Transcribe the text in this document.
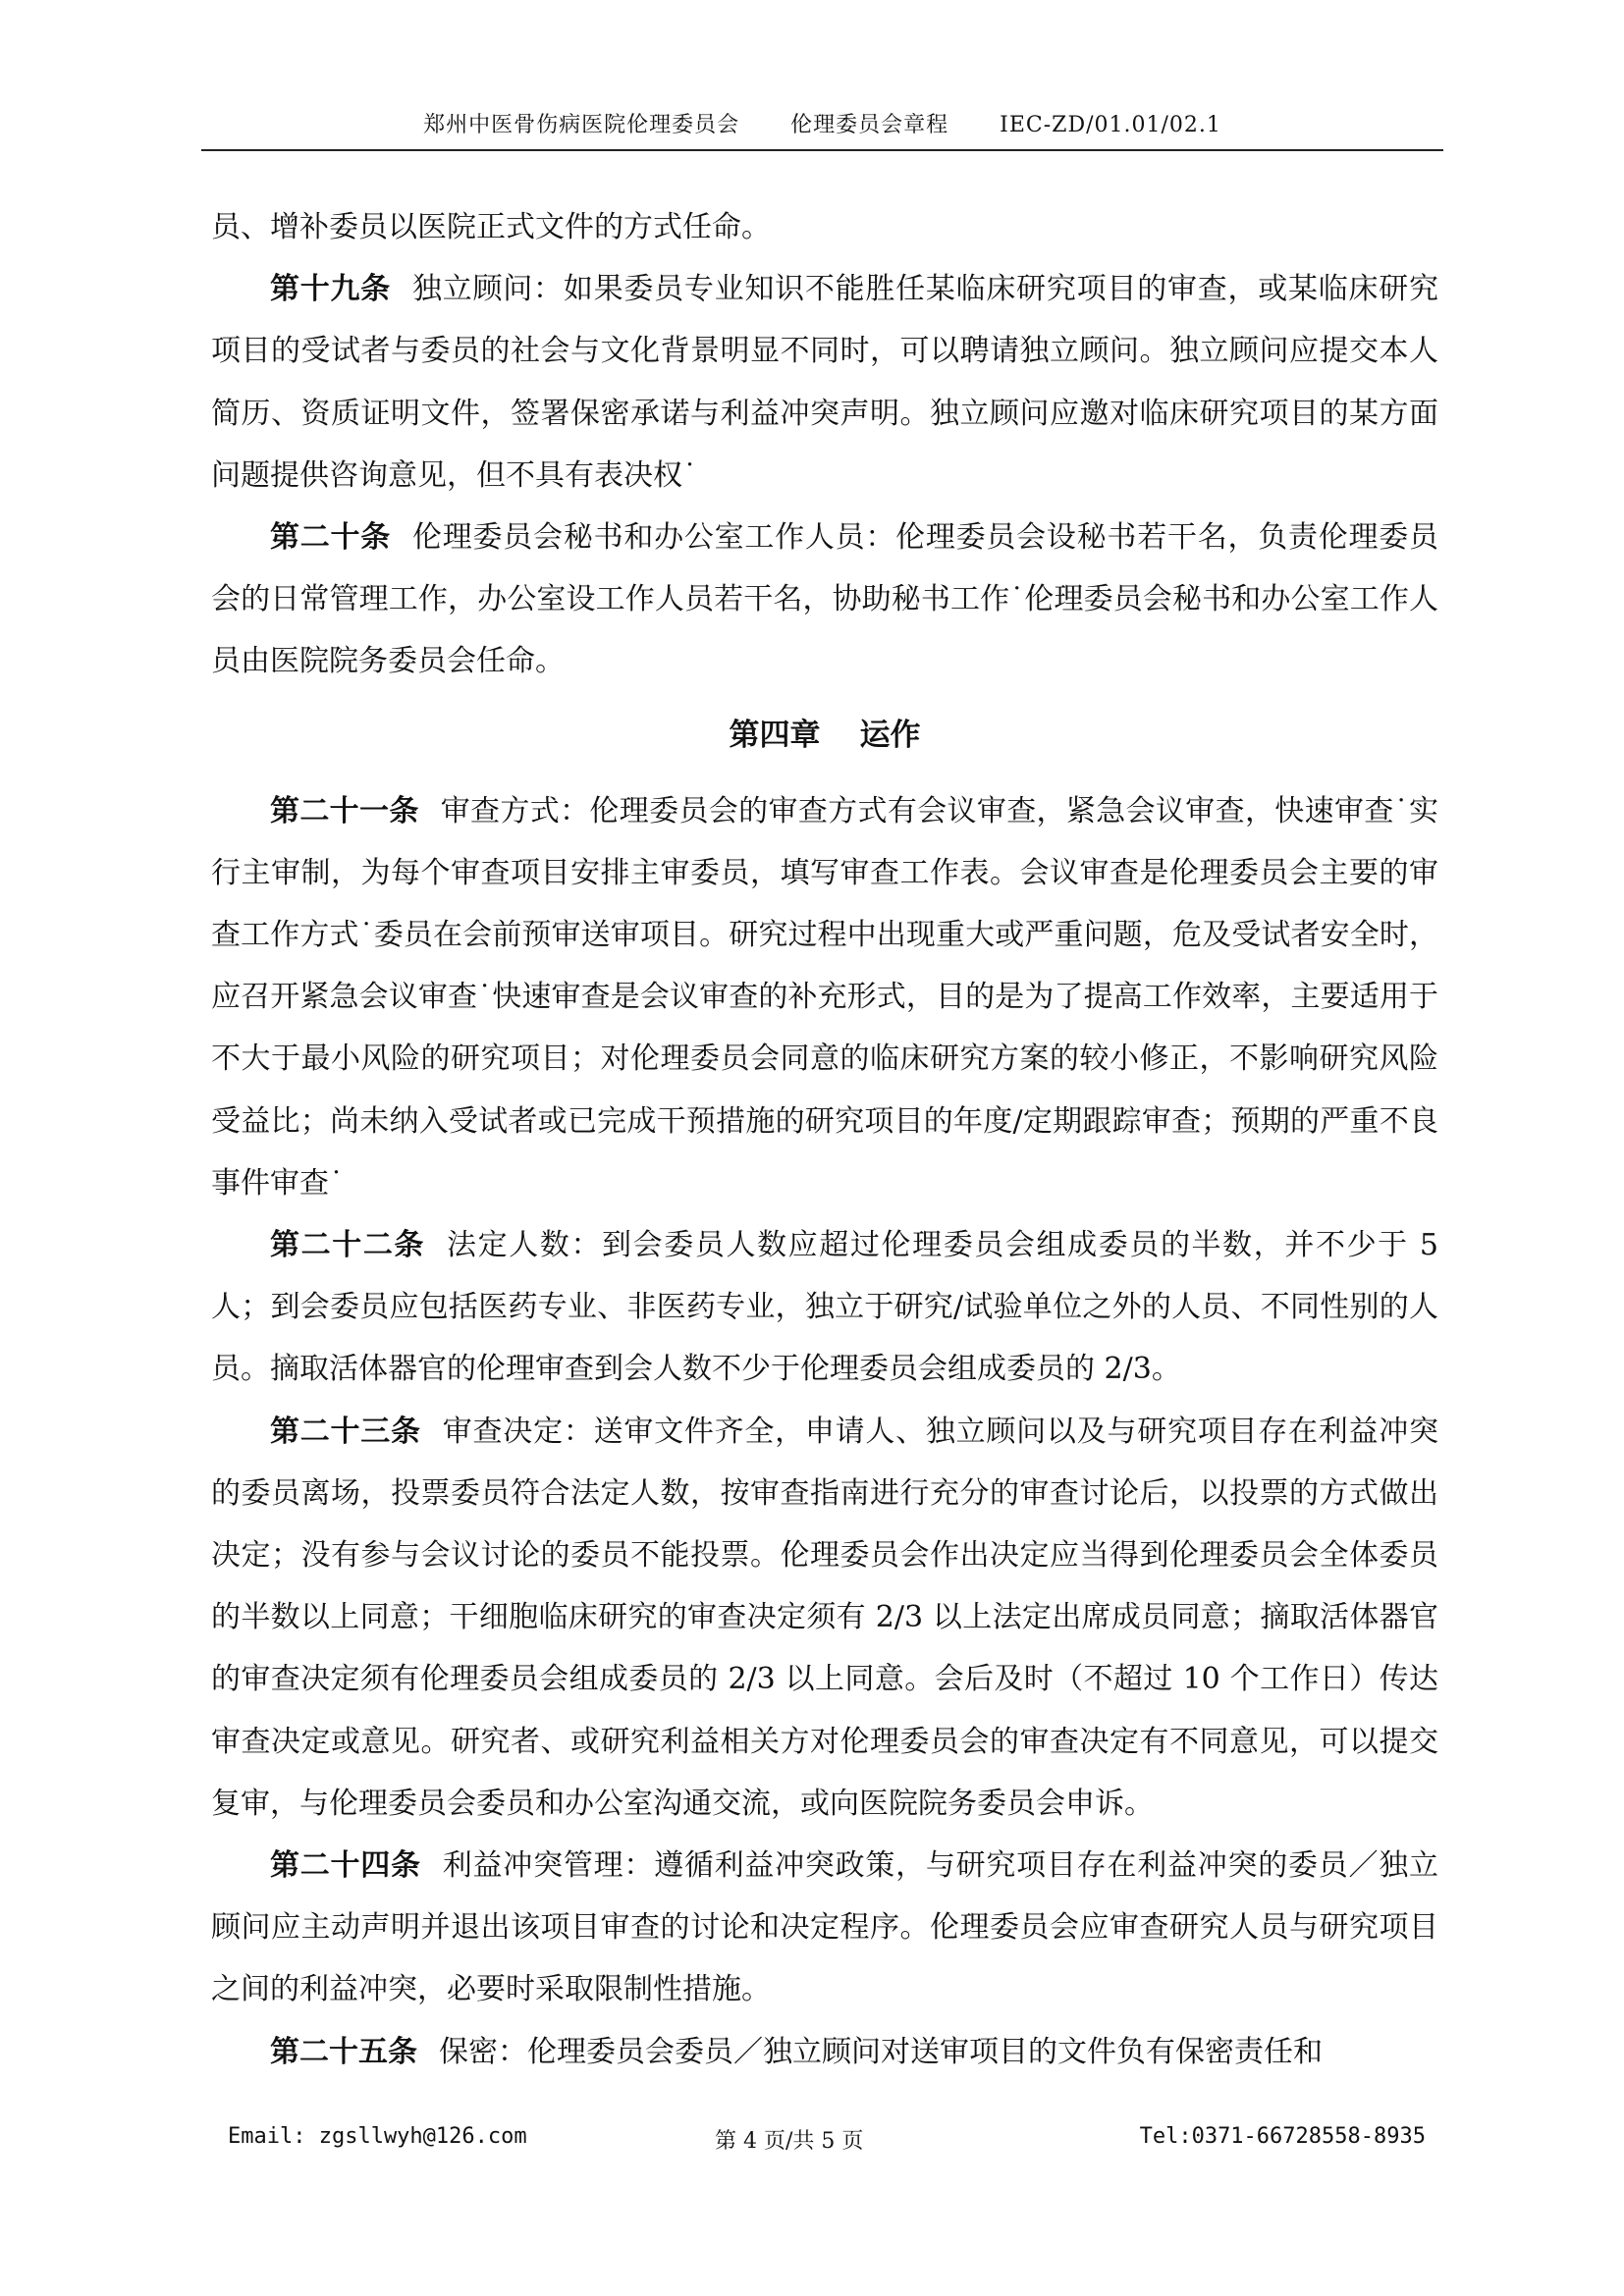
郑州中医骨伤病医院伦理委员会 伦理委员会章程 IEC-ZD/01.01/02.1

员、增补委员以医院正式文件的方式任命。

第十九条 独立顾问：如果委员专业知识不能胜任某临床研究项目的审查，或某临床研究项目的受试者与委员的社会与文化背景明显不同时，可以聘请独立顾问。独立顾问应提交本人简历、资质证明文件，签署保密承诺与利益冲突声明。独立顾问应邀对临床研究项目的某方面问题提供咨询意见，但不具有表决权˙

第二十条 伦理委员会秘书和办公室工作人员：伦理委员会设秘书若干名，负责伦理委员会的日常管理工作，办公室设工作人员若干名，协助秘书工作˙伦理委员会秘书和办公室工作人员由医院院务委员会任命。

第四章 运作

第二十一条 审查方式：伦理委员会的审查方式有会议审查，紧急会议审查，快速审查˙实行主审制，为每个审查项目安排主审委员，填写审查工作表。会议审查是伦理委员会主要的审查工作方式˙委员在会前预审送审项目。研究过程中出现重大或严重问题，危及受试者安全时，应召开紧急会议审查˙快速审查是会议审查的补充形式，目的是为了提高工作效率，主要适用于不大于最小风险的研究项目；对伦理委员会同意的临床研究方案的较小修正，不影响研究风险受益比；尚未纳入受试者或已完成干预措施的研究项目的年度/定期跟踪审查；预期的严重不良事件审查˙

第二十二条 法定人数：到会委员人数应超过伦理委员会组成委员的半数，并不少于 5 人；到会委员应包括医药专业、非医药专业，独立于研究/试验单位之外的人员、不同性别的人员。摘取活体器官的伦理审查到会人数不少于伦理委员会组成委员的 2/3。

第二十三条 审查决定：送审文件齐全，申请人、独立顾问以及与研究项目存在利益冲突的委员离场，投票委员符合法定人数，按审查指南进行充分的审查讨论后，以投票的方式做出决定；没有参与会议讨论的委员不能投票。伦理委员会作出决定应当得到伦理委员会全体委员的半数以上同意；干细胞临床研究的审查决定须有 2/3 以上法定出席成员同意；摘取活体器官的审查决定须有伦理委员会组成委员的 2/3 以上同意。会后及时（不超过 10 个工作日）传达审查决定或意见。研究者、或研究利益相关方对伦理委员会的审查决定有不同意见，可以提交复审，与伦理委员会委员和办公室沟通交流，或向医院院务委员会申诉。

第二十四条 利益冲突管理：遵循利益冲突政策，与研究项目存在利益冲突的委员／独立顾问应主动声明并退出该项目审查的讨论和决定程序。伦理委员会应审查研究人员与研究项目之间的利益冲突，必要时采取限制性措施。

第二十五条 保密：伦理委员会委员／独立顾问对送审项目的文件负有保密责任和

Email: zgsllwyh@126.com	第 4 页/共 5 页	Tel:0371-66728558-8935
